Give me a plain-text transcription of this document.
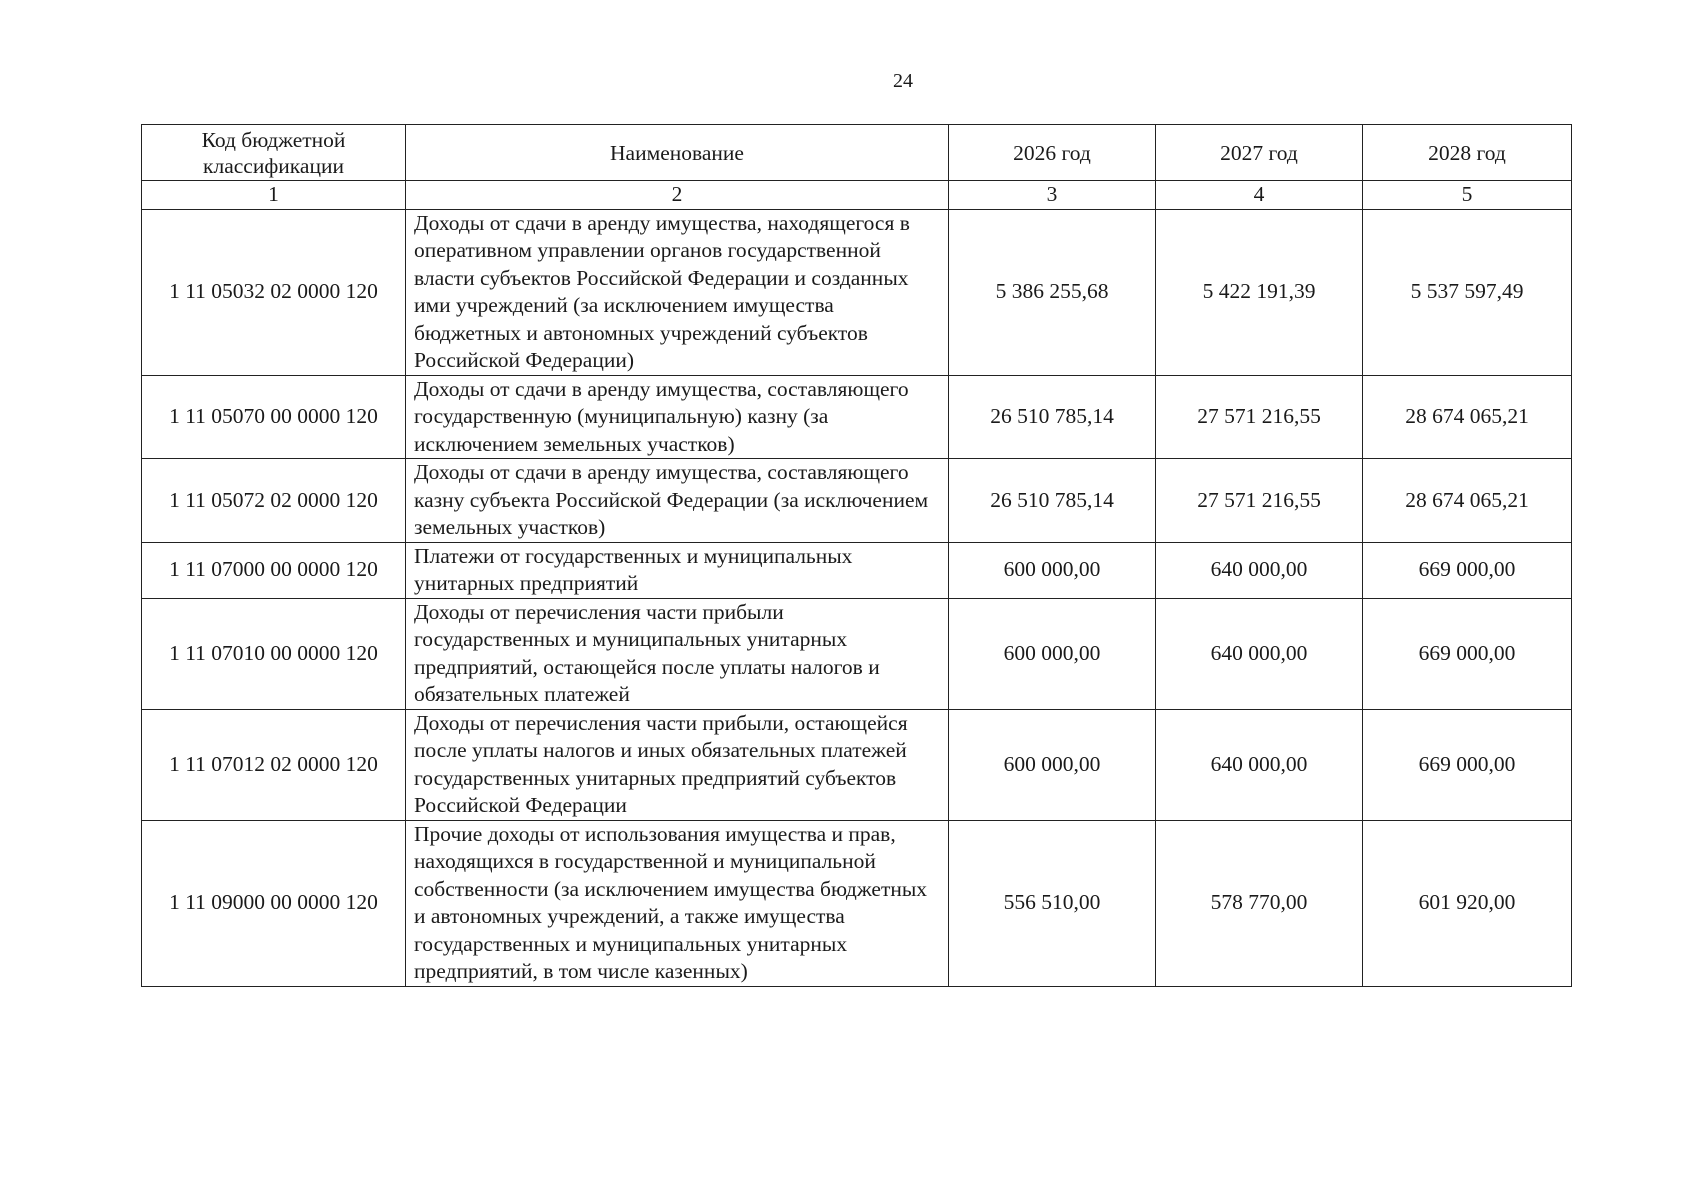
24
Код бюджетной классификации	Наименование	2026 год	2027 год	2028 год
1	2	3	4	5
1 11 05032 02 0000 120	Доходы от сдачи в аренду имущества, находящегося в оперативном управлении органов государственной власти субъектов Российской Федерации и созданных ими учреждений (за исключением имущества бюджетных и автономных учреждений субъектов Российской Федерации)	5 386 255,68	5 422 191,39	5 537 597,49
1 11 05070 00 0000 120	Доходы от сдачи в аренду имущества, составляющего государственную (муниципальную) казну (за исключением земельных участков)	26 510 785,14	27 571 216,55	28 674 065,21
1 11 05072 02 0000 120	Доходы от сдачи в аренду имущества, составляющего казну субъекта Российской Федерации (за исключением земельных участков)	26 510 785,14	27 571 216,55	28 674 065,21
1 11 07000 00 0000 120	Платежи от государственных и муниципальных унитарных предприятий	600 000,00	640 000,00	669 000,00
1 11 07010 00 0000 120	Доходы от перечисления части прибыли государственных и муниципальных унитарных предприятий, остающейся после уплаты налогов и обязательных платежей	600 000,00	640 000,00	669 000,00
1 11 07012 02 0000 120	Доходы от перечисления части прибыли, остающейся после уплаты налогов и иных обязательных платежей государственных унитарных предприятий субъектов Российской Федерации	600 000,00	640 000,00	669 000,00
1 11 09000 00 0000 120	Прочие доходы от использования имущества и прав, находящихся в государственной и муниципальной собственности (за исключением имущества бюджетных и автономных учреждений, а также имущества государственных и муниципальных унитарных предприятий, в том числе казенных)	556 510,00	578 770,00	601 920,00
